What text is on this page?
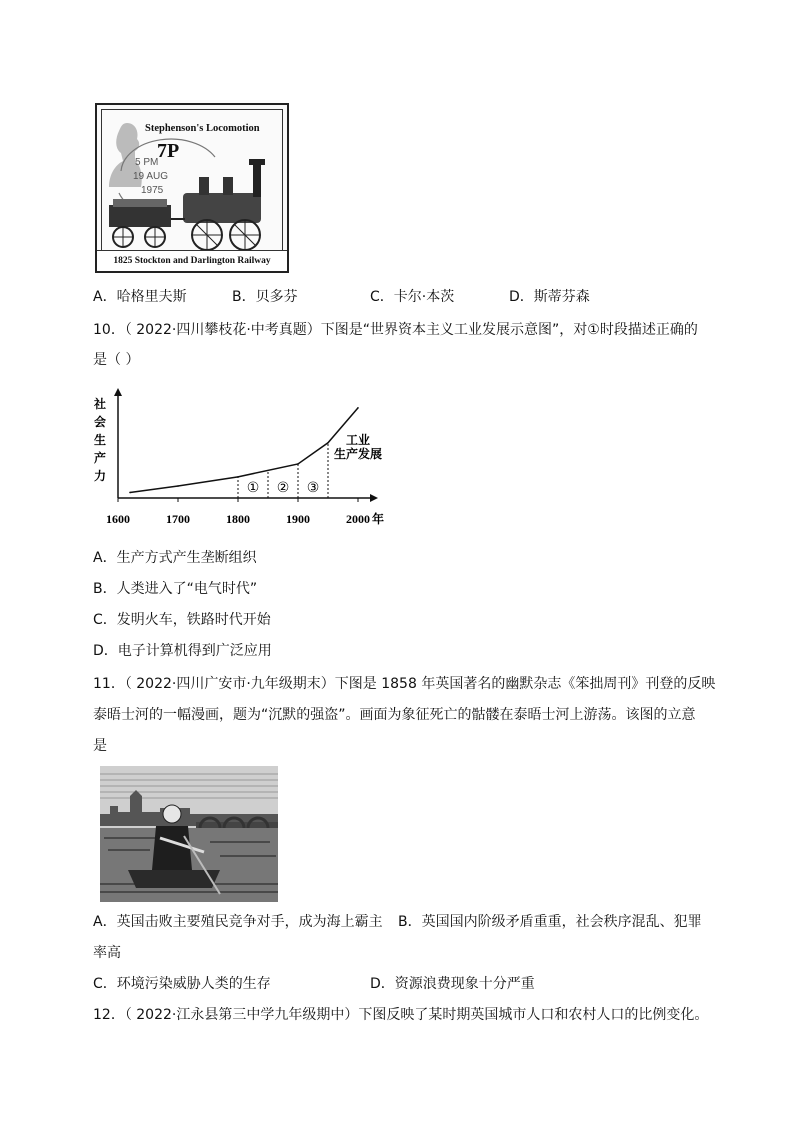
Stephenson's Locomotion
7P
5 PM
19 AUG
1975
1825 Stockton and Darlington Railway
A．哈格里夫斯	B．贝多芬	C．卡尔·本茨	D．斯蒂芬森
10．（ 2022·四川攀枝花·中考真题）下图是“世界资本主义工业发展示意图”，对①时段描述正确的
是（ ）
社
会
生
产
力
1600	1700	1800	1900	2000 年
① ② ③
工业
生产发展
A．生产方式产生垄断组织
B．人类进入了“电气时代”
C．发明火车，铁路时代开始
D．电子计算机得到广泛应用
11．（ 2022·四川广安市·九年级期末）下图是 1858 年英国著名的幽默杂志《笨拙周刊》刊登的反映
泰晤士河的一幅漫画，题为“沉默的强盗”。画面为象征死亡的骷髅在泰晤士河上游荡。该图的立意
是
A．英国击败主要殖民竞争对手，成为海上霸主 B．英国国内阶级矛盾重重，社会秩序混乱、犯罪
率高
C．环境污染威胁人类的生存	D．资源浪费现象十分严重
12．（ 2022·江永县第三中学九年级期中）下图反映了某时期英国城市人口和农村人口的比例变化。
